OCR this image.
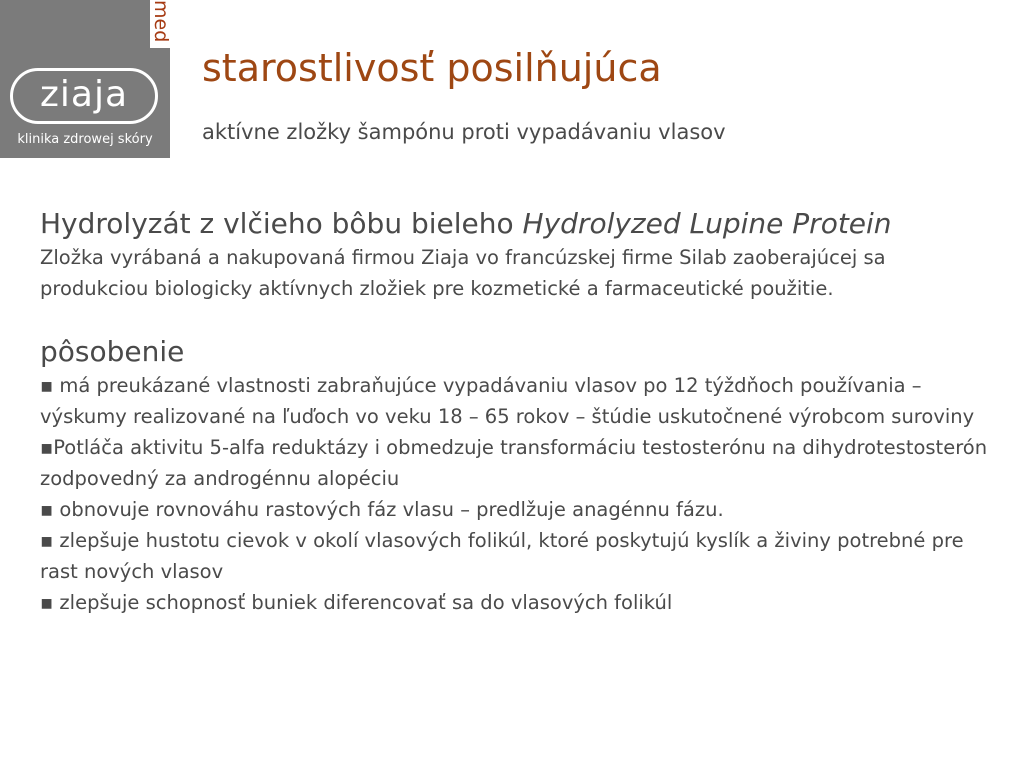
ziaja
klinika zdrowej skóry
med
starostlivosť posilňujúca
aktívne zložky šampónu proti vypadávaniu vlasov

Hydrolyzát z vlčieho bôbu bieleho Hydrolyzed Lupine Protein

Zložka vyrábaná a nakupovaná firmou Ziaja vo francúzskej firme Silab zaoberajúcej sa produkciou biologicky aktívnych zložiek pre kozmetické a farmaceutické použitie.

pôsobenie

▪ má preukázané vlastnosti zabraňujúce vypadávaniu vlasov po 12 týždňoch používania – výskumy realizované na ľuďoch vo veku 18 – 65 rokov – štúdie uskutočnené výrobcom suroviny

▪Potláča aktivitu 5-alfa reduktázy i obmedzuje transformáciu testosterónu na dihydrotestosterón zodpovedný za androgénnu alopéciu

▪ obnovuje rovnováhu rastových fáz vlasu – predlžuje anagénnu fázu.

▪ zlepšuje hustotu cievok v okolí vlasových folikúl, ktoré poskytujú kyslík a živiny potrebné pre rast nových vlasov

▪ zlepšuje schopnosť buniek diferencovať sa do vlasových folikúl
